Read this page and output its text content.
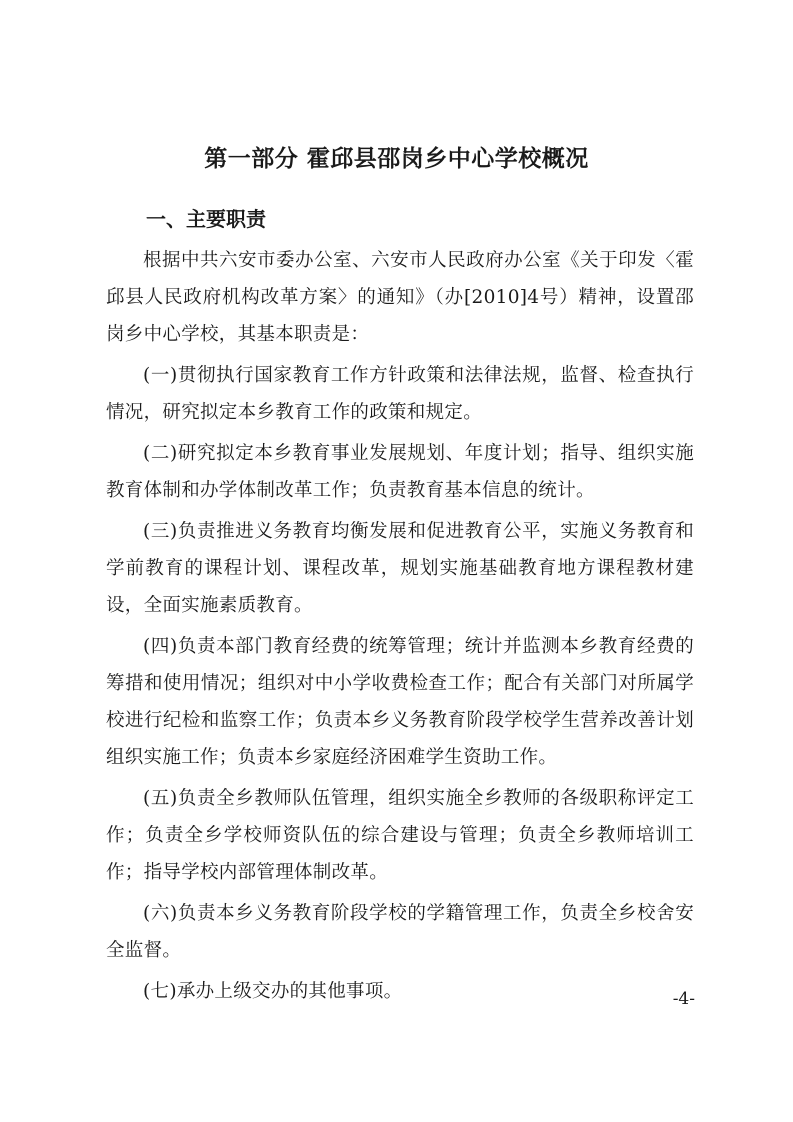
第一部分 霍邱县邵岗乡中心学校概况
一、主要职责

根据中共六安市委办公室、六安市人民政府办公室《关于印发〈霍邱县人民政府机构改革方案〉的通知》（办[2010]4号）精神，设置邵岗乡中心学校，其基本职责是：

(一)贯彻执行国家教育工作方针政策和法律法规，监督、检查执行情况，研究拟定本乡教育工作的政策和规定。

(二)研究拟定本乡教育事业发展规划、年度计划；指导、组织实施教育体制和办学体制改革工作；负责教育基本信息的统计。

(三)负责推进义务教育均衡发展和促进教育公平，实施义务教育和学前教育的课程计划、课程改革，规划实施基础教育地方课程教材建设，全面实施素质教育。

(四)负责本部门教育经费的统筹管理；统计并监测本乡教育经费的筹措和使用情况；组织对中小学收费检查工作；配合有关部门对所属学校进行纪检和监察工作；负责本乡义务教育阶段学校学生营养改善计划组织实施工作；负责本乡家庭经济困难学生资助工作。

(五)负责全乡教师队伍管理，组织实施全乡教师的各级职称评定工作；负责全乡学校师资队伍的综合建设与管理；负责全乡教师培训工作；指导学校内部管理体制改革。

(六)负责本乡义务教育阶段学校的学籍管理工作，负责全乡校舍安全监督。

(七)承办上级交办的其他事项。	-4-
